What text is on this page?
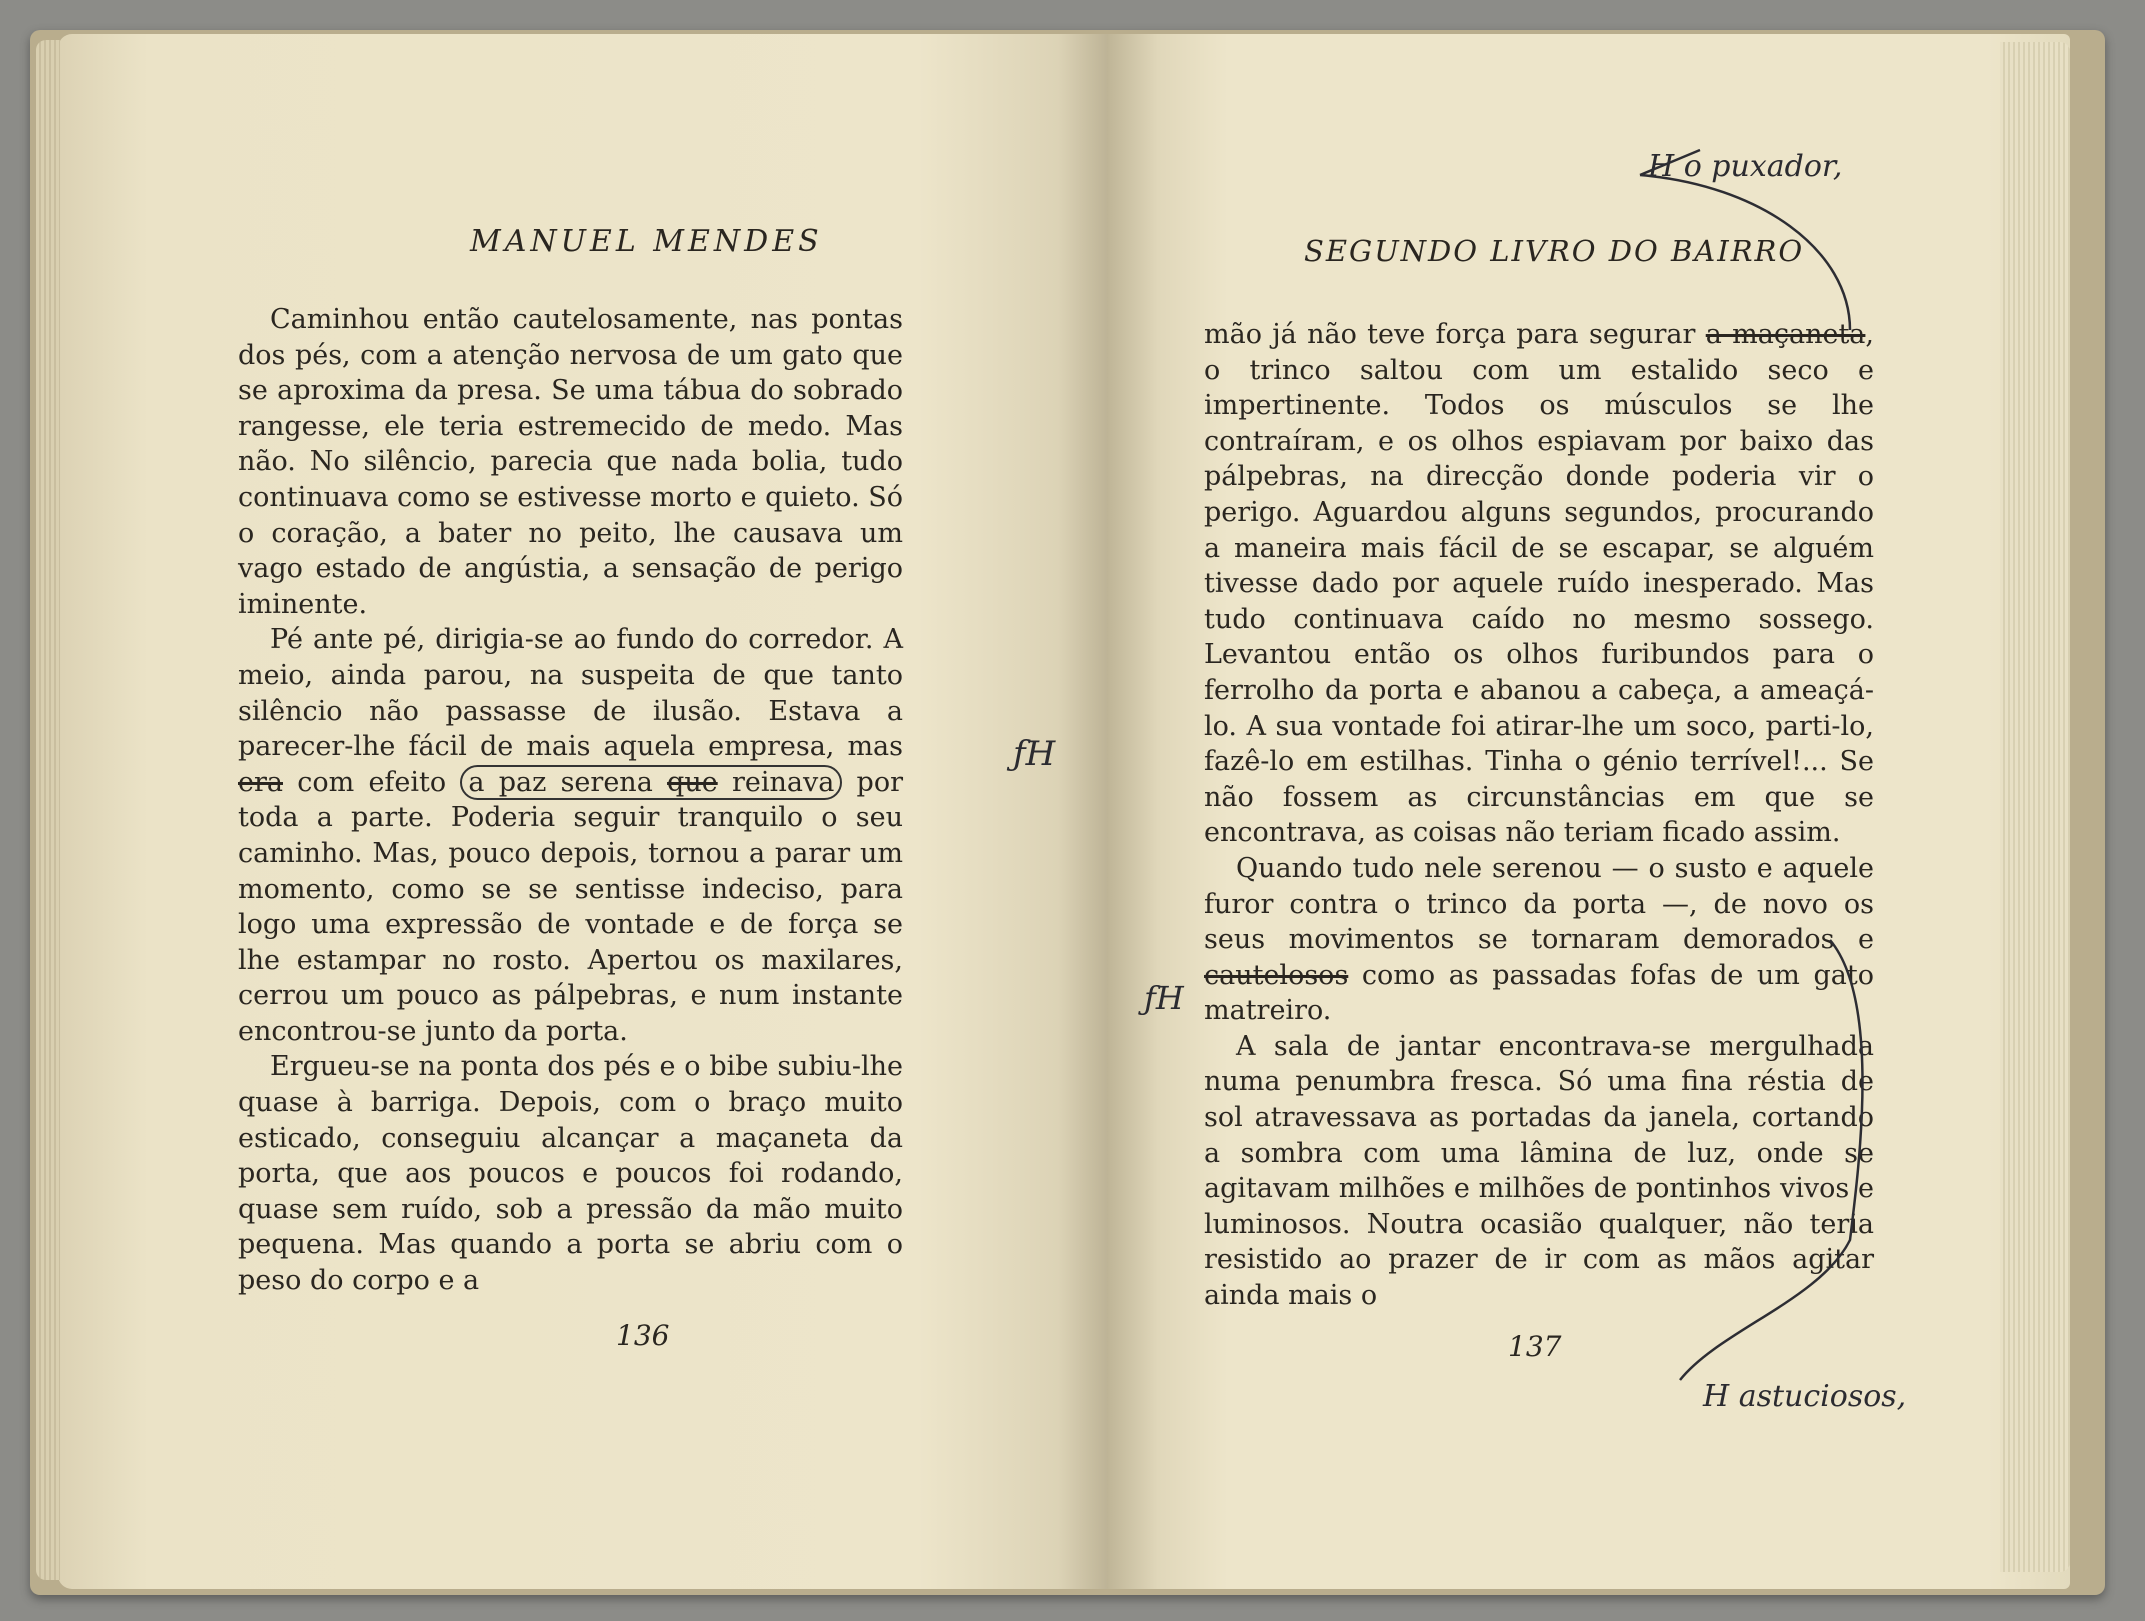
MANUEL MENDES

Caminhou então cautelosamente, nas pontas dos pés, com a atenção nervosa de um gato que se aproxima da presa. Se uma tábua do sobrado rangesse, ele teria estremecido de medo. Mas não. No silêncio, parecia que nada bolia, tudo continuava como se estivesse morto e quieto. Só o coração, a bater no peito, lhe causava um vago estado de angústia, a sensação de perigo iminente.

Pé ante pé, dirigia-se ao fundo do corredor. A meio, ainda parou, na suspeita de que tanto silêncio não passasse de ilusão. Estava a parecer-lhe fácil de mais aquela empresa, mas era com efeito a paz serena que reinava por toda a parte. Poderia seguir tranquilo o seu caminho. Mas, pouco depois, tornou a parar um momento, como se se sentisse indeciso, para logo uma expressão de vontade e de força se lhe estampar no rosto. Apertou os maxilares, cerrou um pouco as pálpebras, e num instante encontrou-se junto da porta.

Ergueu-se na ponta dos pés e o bibe subiu-lhe quase à barriga. Depois, com o braço muito esticado, conseguiu alcançar a maçaneta da porta, que aos poucos e poucos foi rodando, quase sem ruído, sob a pressão da mão muito pequena. Mas quando a porta se abriu com o peso do corpo e a

136

ƒH

SEGUNDO LIVRO DO BAIRRO

mão já não teve força para segurar a maçaneta, o trinco saltou com um estalido seco e impertinente. Todos os músculos se lhe contraíram, e os olhos espiavam por baixo das pálpebras, na direcção donde poderia vir o perigo. Aguardou alguns segundos, procurando a maneira mais fácil de se escapar, se alguém tivesse dado por aquele ruído inesperado. Mas tudo continuava caído no mesmo sossego. Levantou então os olhos furibundos para o ferrolho da porta e abanou a cabeça, a ameaçá-lo. A sua vontade foi atirar-lhe um soco, parti-lo, fazê-lo em estilhas. Tinha o génio terrível!... Se não fossem as circunstâncias em que se encontrava, as coisas não teriam ficado assim.

Quando tudo nele serenou — o susto e aquele furor contra o trinco da porta —, de novo os seus movimentos se tornaram demorados e cautelosos como as passadas fofas de um gato matreiro.

A sala de jantar encontrava-se mergulhada numa penumbra fresca. Só uma fina réstia de sol atravessava as portadas da janela, cortando a sombra com uma lâmina de luz, onde se agitavam milhões e milhões de pontinhos vivos e luminosos. Noutra ocasião qualquer, não teria resistido ao prazer de ir com as mãos agitar ainda mais o

137

H o puxador,

H astuciosos,

ƒH
